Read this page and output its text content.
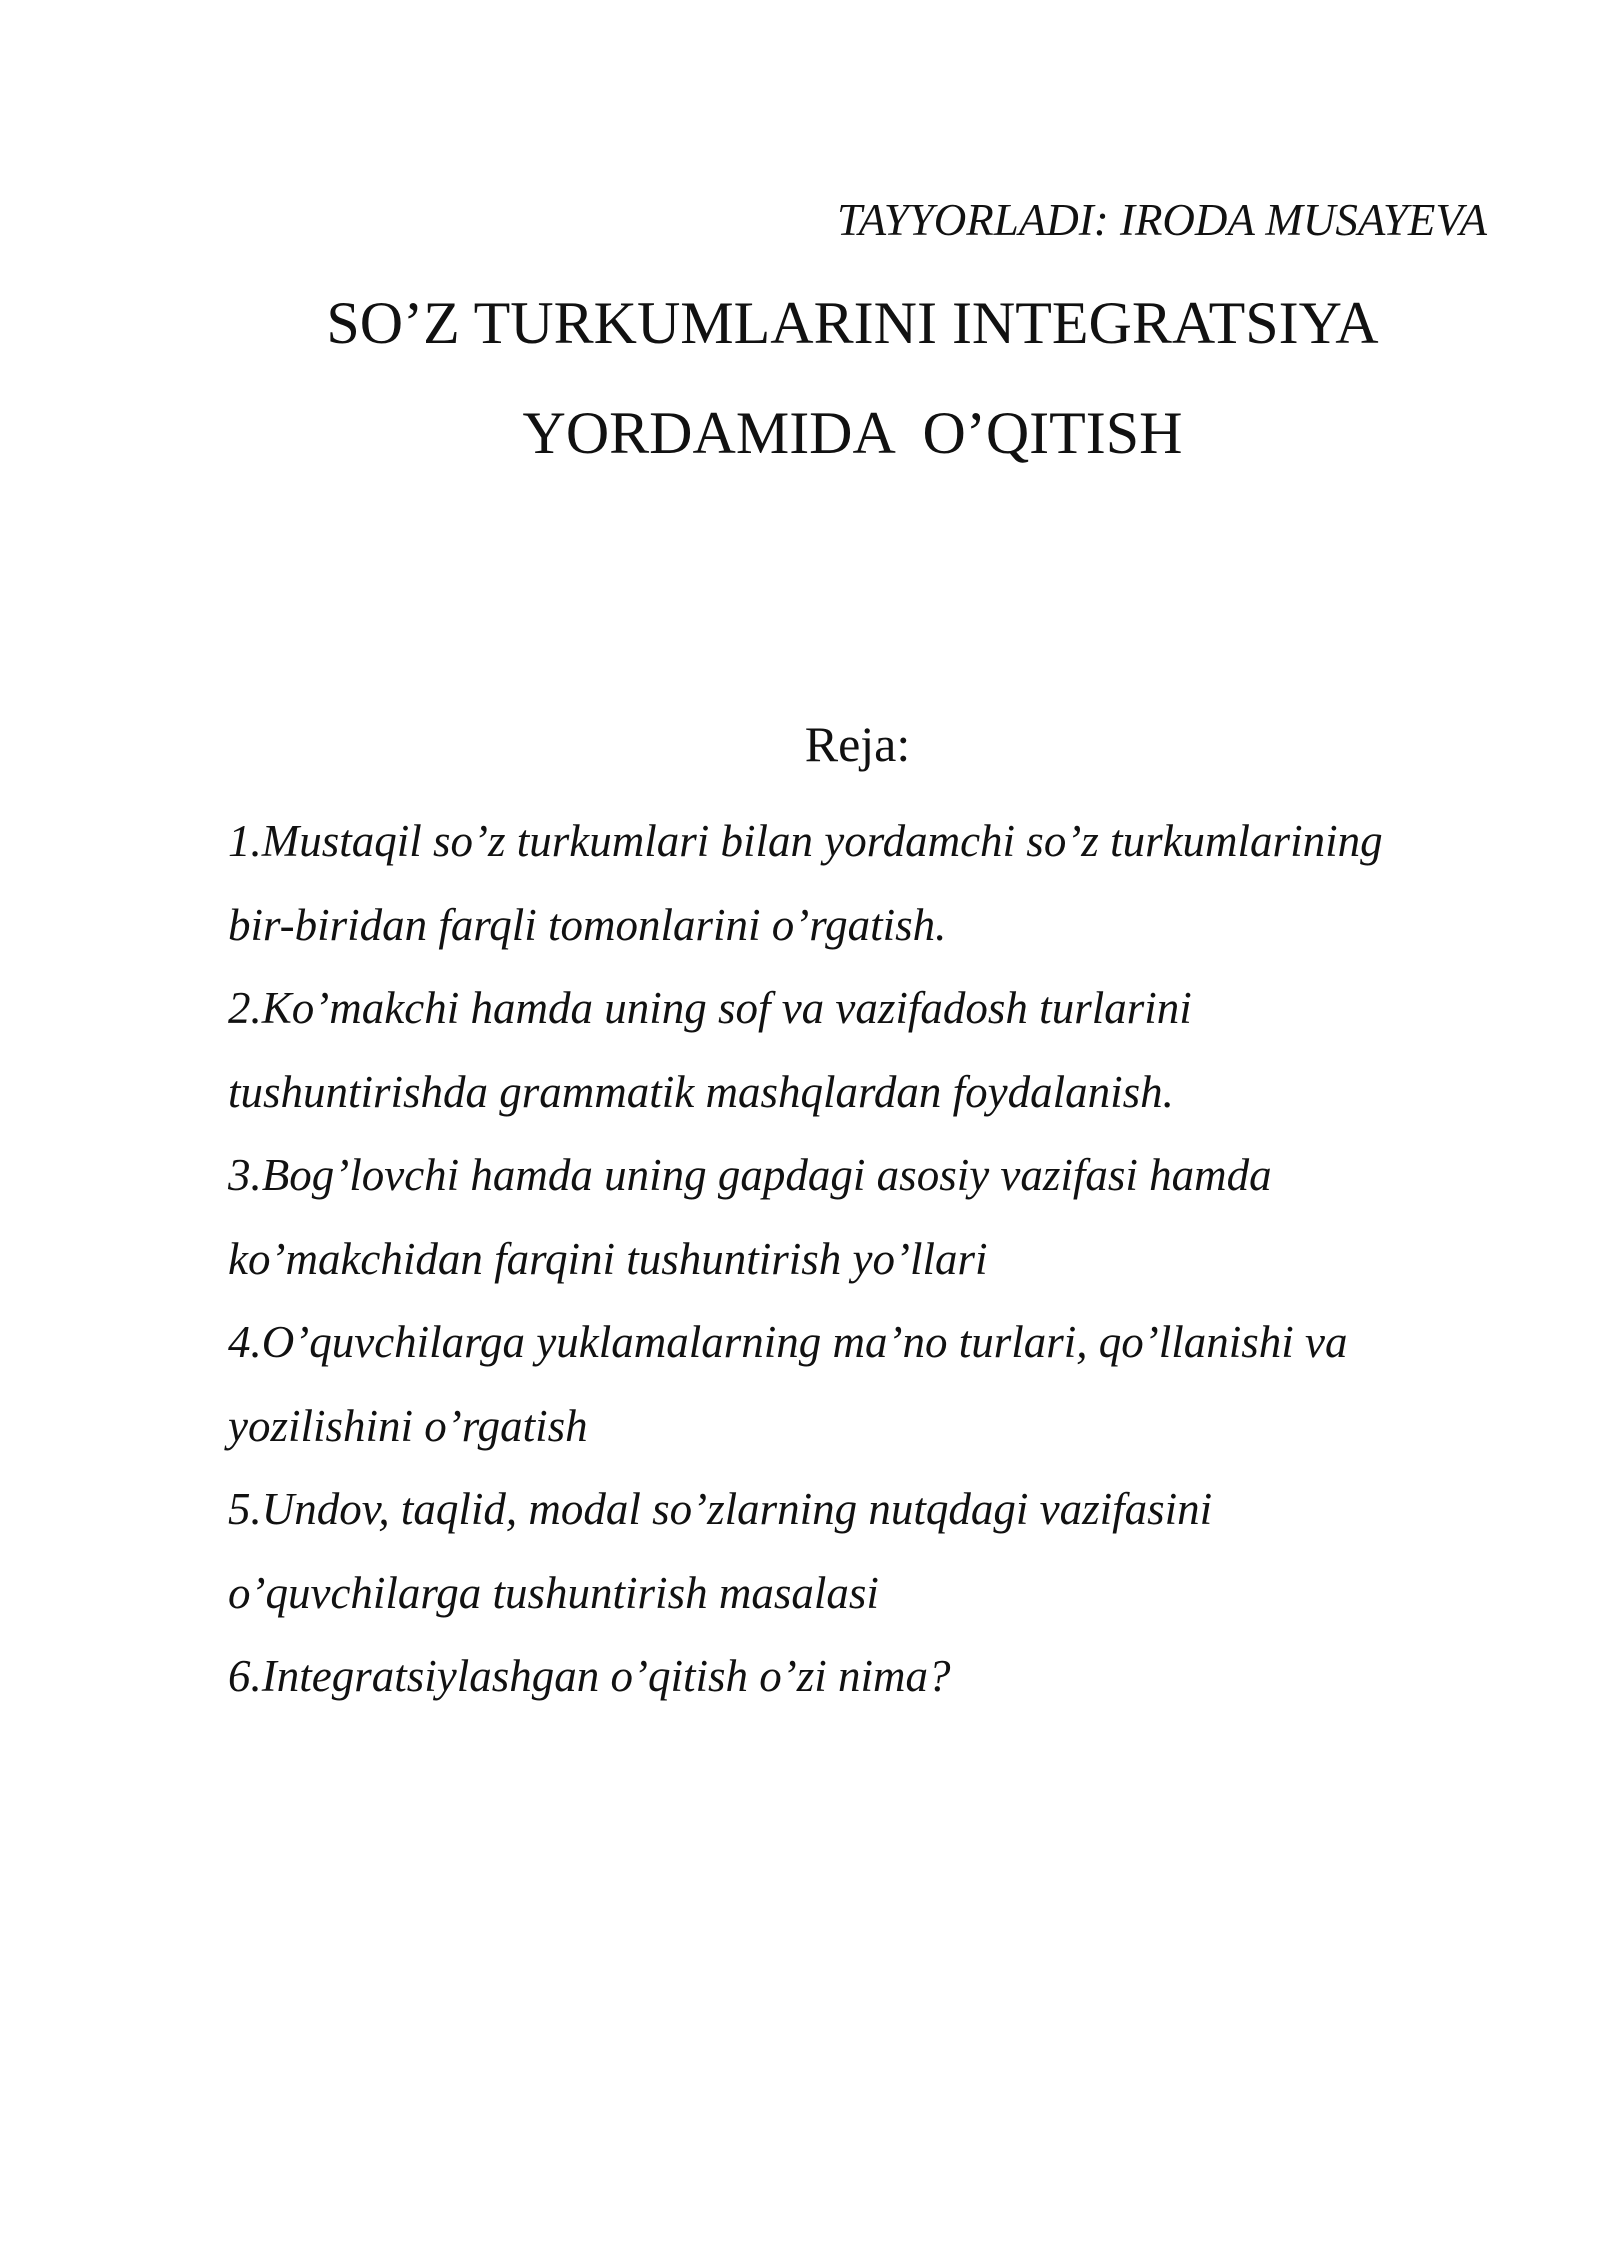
TAYYORLADI: IRODA MUSAYEVA
SO’Z TURKUMLARINI INTEGRATSIYA
YORDAMIDA  O’QITISH
Reja:
1.Mustaqil so’z turkumlari bilan yordamchi so’z turkumlarining
bir-biridan farqli tomonlarini o’rgatish.
2.Ko’makchi hamda uning sof va vazifadosh turlarini
tushuntirishda grammatik mashqlardan foydalanish.
3.Bog’lovchi hamda uning gapdagi asosiy vazifasi hamda
ko’makchidan farqini tushuntirish yo’llari
4.O’quvchilarga yuklamalarning ma’no turlari, qo’llanishi va
yozilishini o’rgatish
5.Undov, taqlid, modal so’zlarning nutqdagi vazifasini
o’quvchilarga tushuntirish masalasi
6.Integratsiylashgan o’qitish o’zi nima?
